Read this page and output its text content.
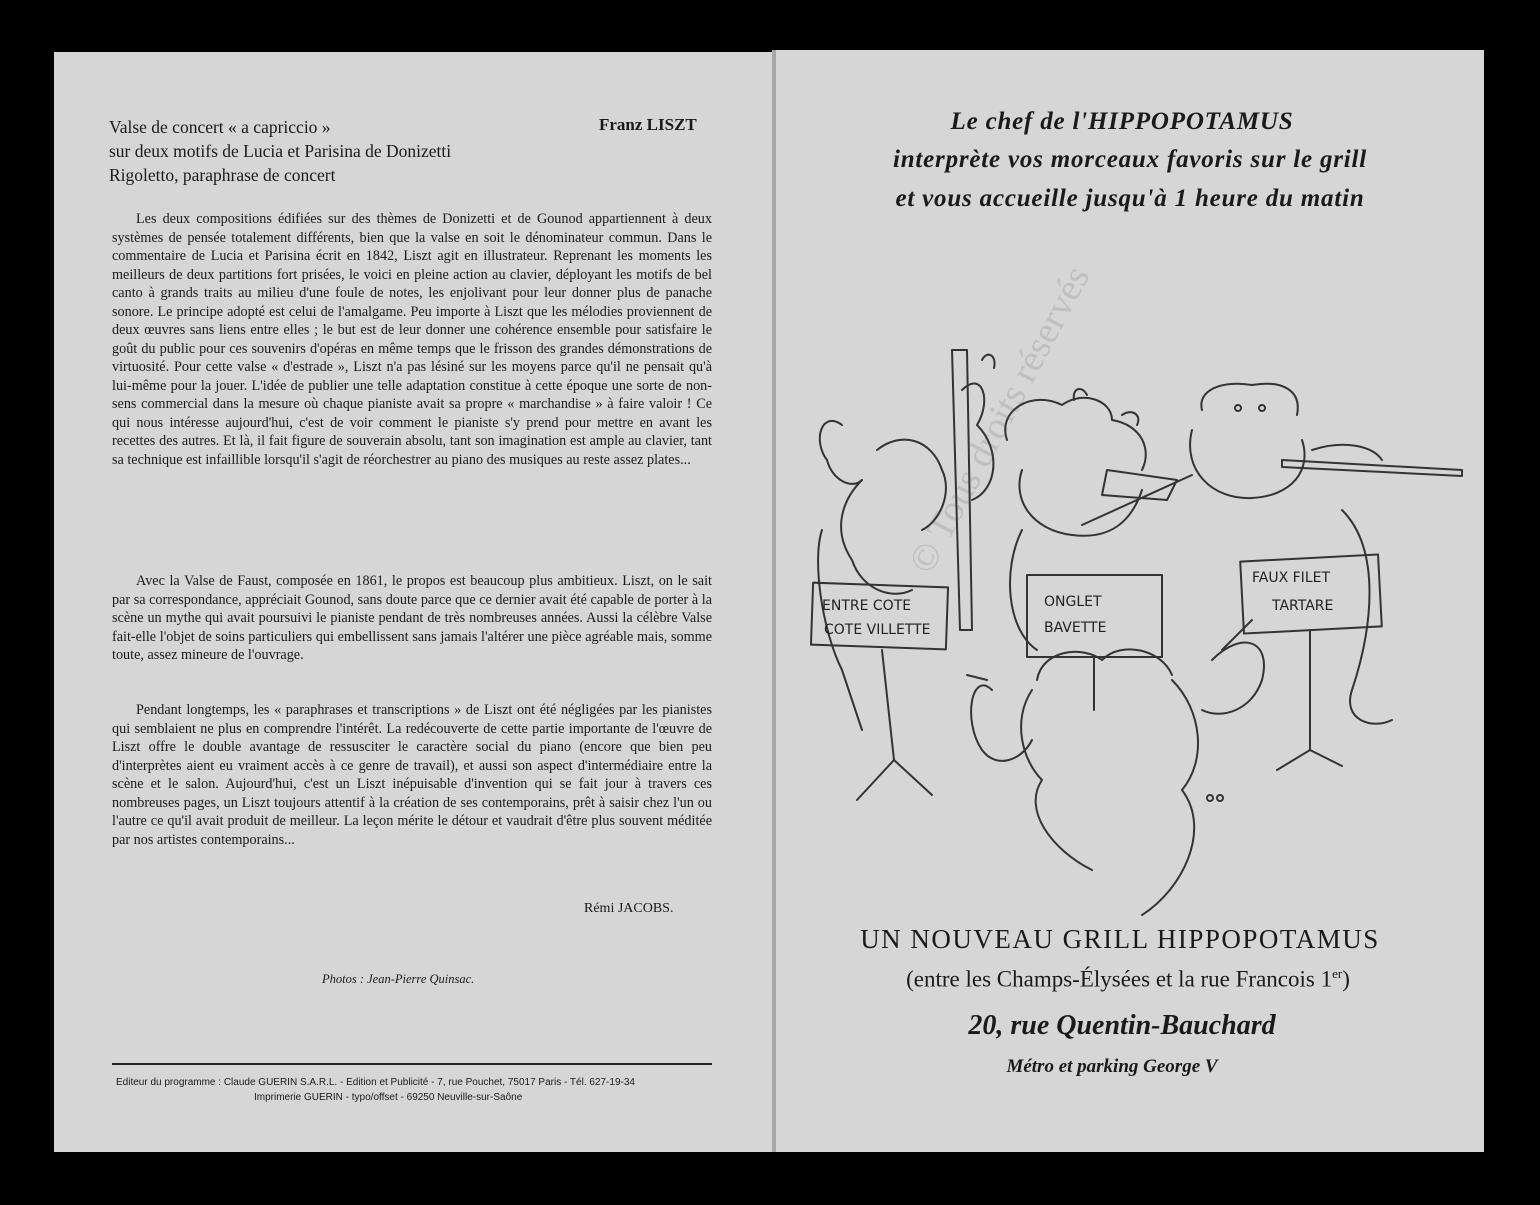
Valse de concert « a capriccio »
sur deux motifs de Lucia et Parisina de Donizetti
Rigoletto, paraphrase de concert
Franz LISZT

Les deux compositions édifiées sur des thèmes de Donizetti et de Gounod appartiennent à deux systèmes de pensée totalement différents, bien que la valse en soit le dénominateur commun. Dans le commentaire de Lucia et Parisina écrit en 1842, Liszt agit en illustrateur. Reprenant les moments les meilleurs de deux partitions fort prisées, le voici en pleine action au clavier, déployant les motifs de bel canto à grands traits au milieu d'une foule de notes, les enjolivant pour leur donner plus de panache sonore. Le principe adopté est celui de l'amalgame. Peu importe à Liszt que les mélodies proviennent de deux œuvres sans liens entre elles ; le but est de leur donner une cohérence ensemble pour satisfaire le goût du public pour ces souvenirs d'opéras en même temps que le frisson des grandes démonstrations de virtuosité. Pour cette valse « d'estrade », Liszt n'a pas lésiné sur les moyens parce qu'il ne pensait qu'à lui-même pour la jouer. L'idée de publier une telle adaptation constitue à cette époque une sorte de non-sens commercial dans la mesure où chaque pianiste avait sa propre « marchandise » à faire valoir ! Ce qui nous intéresse aujourd'hui, c'est de voir comment le pianiste s'y prend pour mettre en avant les recettes des autres. Et là, il fait figure de souverain absolu, tant son imagination est ample au clavier, tant sa technique est infaillible lorsqu'il s'agit de réorchestrer au piano des musiques au reste assez plates...

Avec la Valse de Faust, composée en 1861, le propos est beaucoup plus ambitieux. Liszt, on le sait par sa correspondance, appréciait Gounod, sans doute parce que ce dernier avait été capable de porter à la scène un mythe qui avait poursuivi le pianiste pendant de très nombreuses années. Aussi la célèbre Valse fait-elle l'objet de soins particuliers qui embellissent sans jamais l'altérer une pièce agréable mais, somme toute, assez mineure de l'ouvrage.

Pendant longtemps, les « paraphrases et transcriptions » de Liszt ont été négligées par les pianistes qui semblaient ne plus en comprendre l'intérêt. La redécouverte de cette partie importante de l'œuvre de Liszt offre le double avantage de ressusciter le caractère social du piano (encore que bien peu d'interprètes aient eu vraiment accès à ce genre de travail), et aussi son aspect d'intermédiaire entre la scène et le salon. Aujourd'hui, c'est un Liszt inépuisable d'invention qui se fait jour à travers ces nombreuses pages, un Liszt toujours attentif à la création de ses contemporains, prêt à saisir chez l'un ou l'autre ce qu'il avait produit de meilleur. La leçon mérite le détour et vaudrait d'être plus souvent méditée par nos artistes contemporains...

Rémi JACOBS.
Photos : Jean-Pierre Quinsac.
Editeur du programme : Claude GUERIN S.A.R.L. - Edition et Publicité - 7, rue Pouchet, 75017 Paris - Tél. 627-19-34
Imprimerie GUERIN - typo/offset - 69250 Neuville-sur-Saône
Le chef de l'HIPPOPOTAMUS
interprète vos morceaux favoris sur le grill
et vous accueille jusqu'à 1 heure du matin
ENTRE COTE
COTE VILLETTE
ONGLET
BAVETTE
FAUX FILET
TARTARE
UN NOUVEAU GRILL HIPPOPOTAMUS
(entre les Champs-Élysées et la rue Francois 1er)
20, rue Quentin-Bauchard
Métro et parking George V
© Tous droits réservés
